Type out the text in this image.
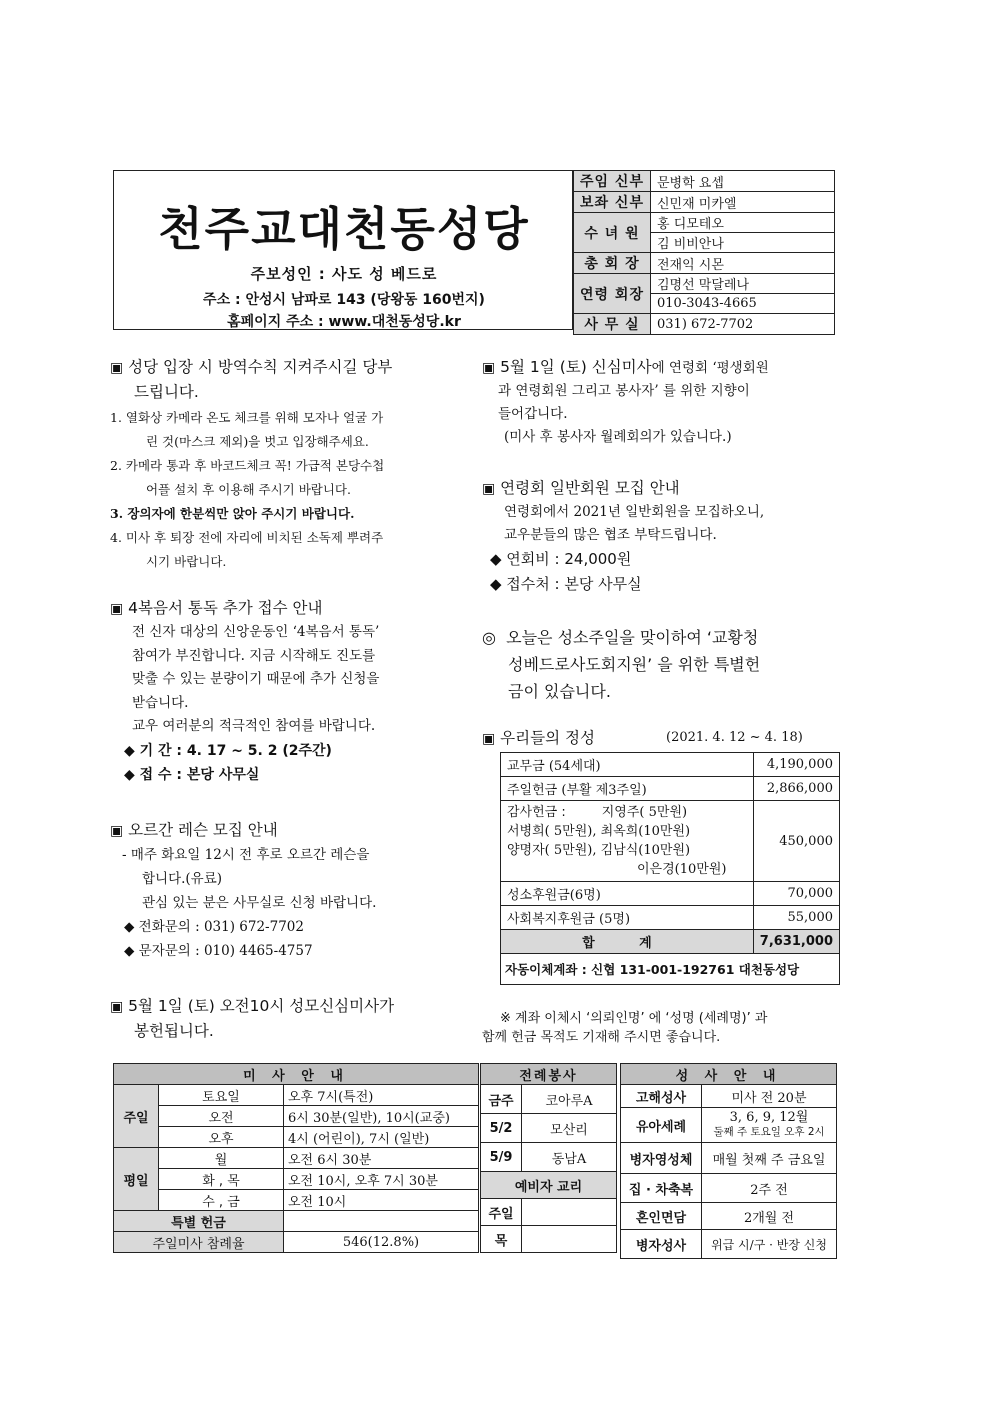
천주교대천동성당
주보성인 : 사도 성 베드로
주소 : 안성시 남파로 143 (당왕동 160번지)
홈페이지 주소 : www.대천동성당.kr
주임 신부	문병학 요셉
보좌 신부	신민재 미카엘
수 녀 원	홍 디모테오
	김 비비안나
총 회 장	전재익 시몬
연령 회장	김명선 막달레나
	010-3043-4665
사 무 실	031) 672-7702
▣ 성당 입장 시 방역수칙 지켜주시길 당부
드립니다.
1. 열화상 카메라 온도 체크를 위해 모자나 얼굴 가
린 것(마스크 제외)을 벗고 입장해주세요.
2. 카메라 통과 후 바코드체크 꼭! 가급적 본당수첩
어플 설치 후 이용해 주시기 바랍니다.
3. 장의자에 한분씩만 앉아 주시기 바랍니다.
4. 미사 후 퇴장 전에 자리에 비치된 소독제 뿌려주
시기 바랍니다.
▣ 4복음서 통독 추가 접수 안내
전 신자 대상의 신앙운동인 ‘4복음서 통독’
참여가 부진합니다. 지금 시작해도 진도를
맞출 수 있는 분량이기 때문에 추가 신청을
받습니다.
교우 여러분의 적극적인 참여를 바랍니다.
◆ 기 간 : 4. 17 ~ 5. 2 (2주간)
◆ 접 수 : 본당 사무실
▣ 오르간 레슨 모집 안내
- 매주 화요일 12시 전 후로 오르간 레슨을
합니다.(유료)
관심 있는 분은 사무실로 신청 바랍니다.
◆ 전화문의 : 031) 672-7702
◆ 문자문의 : 010) 4465-4757
▣ 5월 1일 (토) 오전10시 성모신심미사가
봉헌됩니다.
▣ 5월 1일 (토) 신심미사에 연령회 ‘평생회원
과 연령회원 그리고 봉사자’ 를 위한 지향이
들어갑니다.
(미사 후 봉사자 월례회의가 있습니다.)
▣ 연령회 일반회원 모집 안내
연령회에서 2021년 일반회원을 모집하오니,
교우분들의 많은 협조 부탁드립니다.
◆ 연회비 : 24,000원
◆ 접수처 : 본당 사무실
◎ 오늘은 성소주일을 맞이하여 ‘교황청
성베드로사도회지원’ 을 위한 특별헌
금이 있습니다.
▣ 우리들의 정성	(2021. 4. 12 ~ 4. 18)
교무금 (54세대)	4,190,000
주일헌금 (부활 제3주일)	2,866,000

감사헌금 : 지영주( 5만원)
서병희( 5만원), 최옥희(10만원)
양명자( 5만원), 김남식(10만원)
이은경(10만원)	450,000
성소후원금(6명)	70,000
사회복지후원금 (5명)	55,000
합 계	7,631,000
자동이체계좌 : 신협 131-001-192761 대천동성당	
※ 계좌 이체시 ‘의뢰인명’ 에 ‘성명 (세례명)’ 과
함께 헌금 목적도 기재해 주시면 좋습니다.
미 사 안 내		
주일	토요일	오후 7시(특전)
	오전	6시 30분(일반), 10시(교중)
	오후	4시 (어린이), 7시 (일반)
평일	월	오전 6시 30분
	화 , 목	오전 10시, 오후 7시 30분
	수 , 금	오전 10시
특별 헌금		
주일미사 참례율		546(12.8%)
전례봉사	
금주	코아루A
5/2	모산리
5/9	동남A
예비자 교리	
주일	
목	
성 사 안 내	
고해성사	미사 전 20분
유아세례	3, 6, 9, 12월
둘째 주 토요일 오후 2시

병자영성체	매월 첫째 주 금요일
집 · 차축복	2주 전
혼인면담	2개월 전
병자성사	위급 시/구 · 반장 신청
